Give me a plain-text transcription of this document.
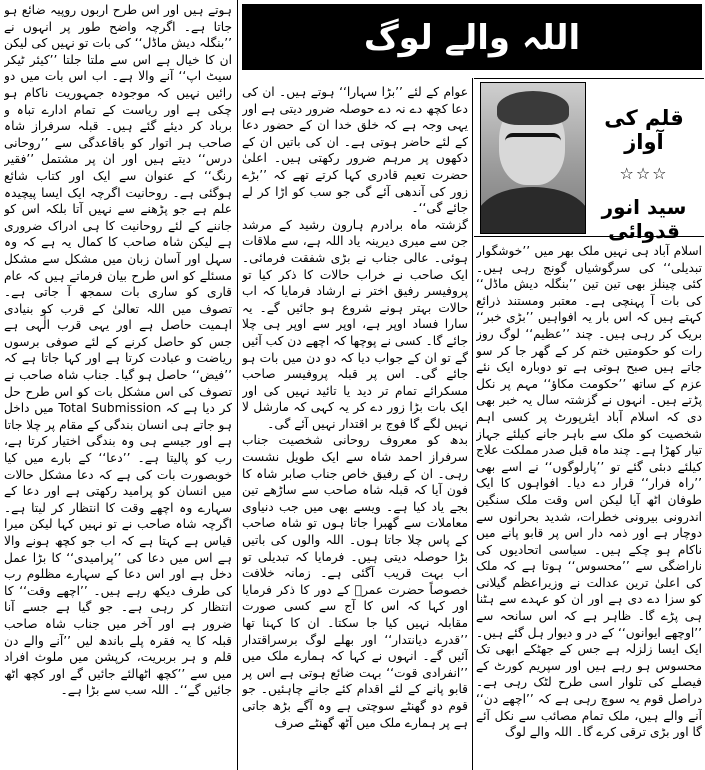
اللہ والے لوگ
قلم کی آواز
☆☆☆
سید انور قدوائی

اسلام آباد ہی نہیں ملک بھر میں ’’خوشگوار تبدیلی‘‘ کی سرگوشیاں گونج رہی ہیں۔ کئی چینلز بھی تین تین ’’بنگلہ دیش ماڈل‘‘ کی بات آ پہنچی ہے۔ معتبر ومستند ذرائع کہتے ہیں کہ اس بار یہ افواہیں ’’بڑی خبر‘‘ بریک کر رہی ہیں۔ چند ’’عظیم‘‘ لوگ روز رات کو حکومتیں ختم کر کے گھر جا کر سو جاتے ہیں صبح ہوتی ہے تو دوبارہ ایک نئے عزم کے ساتھ ’’حکومت مکاؤ‘‘ مہم پر نکل پڑتے ہیں۔ انہوں نے گزشتہ سال یہ خبر بھی دی کہ اسلام آباد ایئرپورٹ پر کسی اہم شخصیت کو ملک سے باہر جانے کیلئے جہاز تیار کھڑا ہے۔ چند ماہ قبل صدر مملکت علاج کیلئے دبئی گئے تو ’’پارلوگوں‘‘ نے اسے بھی ’’راہ فرار‘‘ قرار دے دیا۔ افواہوں کا ایک طوفان اٹھ آیا لیکن اس وقت ملک سنگین اندرونی بیرونی خطرات، شدید بحرانوں سے دوچار ہے اور ذمہ دار اس پر قابو پانے میں ناکام ہو چکے ہیں۔ سیاسی اتحادیوں کی ناراضگی سے ’’محسوس‘‘ ہوتا ہے کہ ملک کی اعلیٰ ترین عدالت نے وزیراعظم گیلانی کو سزا دے دی ہے اور ان کو عہدے سے ہٹنا ہی پڑے گا۔ ظاہر ہے کہ اس سانحہ سے ’’اوچھے ایوانوں‘‘ کے در و دیوار ہل گئے ہیں۔ ایک ایسا زلزلہ ہے جس کے جھٹکے ابھی تک محسوس ہو رہے ہیں اور سپریم کورٹ کے فیصلے کی تلوار اسی طرح لٹک رہی ہے۔ دراصل قوم یہ سوچ رہی ہے کہ ’’اچھے دن‘‘ آنے والے ہیں، ملک تمام مصائب سے نکل آئے گا اور بڑی ترقی کرے گا۔ اللہ والے لوگ

عوام کے لئے ’’بڑا سہارا‘‘ ہوتے ہیں۔ ان کی دعا کچھ دے نہ دے حوصلہ ضرور دیتی ہے اور یہی وجہ ہے کہ خلق خدا ان کے حضور دعا کے لئے حاضر ہوتی ہے۔ ان کی باتیں ان کے دکھوں پر مرہم ضرور رکھتی ہیں۔ اعلیٰ حضرت تعیم قادری کہا کرتے تھے کہ ’’بڑے زور کی آندھی آئے گی جو سب کو اڑا کر لے جائے گی‘‘۔

گزشتہ ماہ برادرم ہارون رشید کے مرشد جن سے میری دیرینہ یاد اللہ ہے، سے ملاقات ہوئی۔ عالی جناب نے بڑی شفقت فرمائی۔ ایک صاحب نے خراب حالات کا ذکر کیا تو پروفیسر رفیق اختر نے ارشاد فرمایا کہ اب حالات بہتر ہونے شروع ہو جائیں گے۔ یہ سارا فساد اوپر ہے، اوپر سے اوپر ہی چلا جائے گا۔ کسی نے پوچھا کہ اچھے دن کب آئیں گے تو ان کے جواب دیا کہ دو دن میں بات ہو جائے گی۔ اس پر قبلہ پروفیسر صاحب مسکرائے تمام تر دید یا تائید نہیں کی اور ایک بات بڑا زور دے کر یہ کہی کہ مارشل لا نہیں لگے گا فوج بر اقتدار نہیں آئے گی۔

بدھ کو معروف روحانی شخصیت جناب سرفراز احمد شاہ سے ایک طویل نشست رہی۔ ان کے رفیق خاص جناب صابر شاہ کا فون آیا کہ قبلہ شاہ صاحب سے ساڑھے تین بجے یاد کیا ہے۔ ویسے بھی میں جب دنیاوی معاملات سے گھبرا جاتا ہوں تو شاہ صاحب کے پاس چلا جاتا ہوں۔ اللہ والوں کی باتیں بڑا حوصلہ دیتی ہیں۔ فرمایا کہ تبدیلی تو اب بہت قریب آگئی ہے۔ زمانہ خلافت خصوصاً حضرت عمرؓ کے دور کا ذکر فرمایا اور کہا کہ اس کا آج سے کسی صورت مقابلہ نہیں کیا جا سکتا۔ ان کا کہنا تھا ’’قدرے دیانتدار‘‘ اور بھلے لوگ برسراقتدار آئیں گے۔ انہوں نے کہا کہ ہمارے ملک میں ’’انفرادی قوت‘‘ بہت ضائع ہوتی ہے اس پر قابو پانے کے لئے اقدام کئے جانے چاہئیں۔ جو قوم دو گھنٹے سوچتی ہے وہ آگے بڑھ جاتی ہے پر ہمارے ملک میں آٹھ گھنٹے صرف

ہوتے ہیں اور اس طرح اربوں روپیہ ضائع ہو جاتا ہے۔ اگرچہ واضح طور پر انہوں نے ’’بنگلہ دیش ماڈل‘‘ کی بات تو نہیں کی لیکن ان کا خیال ہے اس سے ملتا جلتا ’’کیئر ٹیکر سیٹ اپ‘‘ آنے والا ہے۔ اب اس بات میں دو رائیں نہیں کہ موجودہ جمہوریت ناکام ہو چکی ہے اور ریاست کے تمام ادارے تباہ و برباد کر دیئے گئے ہیں۔ قبلہ سرفراز شاہ صاحب ہر اتوار کو باقاعدگی سے ’’روحانی درس‘‘ دیتے ہیں اور ان پر مشتمل ’’فقیر رنگ‘‘ کے عنوان سے ایک اور کتاب شائع ہوگئی ہے۔ روحانیت اگرچہ ایک ایسا پیچیدہ علم ہے جو پڑھنے سے نہیں آتا بلکہ اس کو جاننے کے لئے روحانیت کا ہی ادراک ضروری ہے لیکن شاہ صاحب کا کمال یہ ہے کہ وہ سہل اور آسان زبان میں مشکل سے مشکل مسئلے کو اس طرح بیان فرماتے ہیں کہ عام قاری کو ساری بات سمجھ آ جاتی ہے۔ تصوف میں اللہ تعالیٰ کے قرب کو بنیادی اہمیت حاصل ہے اور یہی قرب الٰہی ہے جس کو حاصل کرنے کے لئے صوفی برسوں ریاضت و عبادت کرتا ہے اور کہا جاتا ہے کہ ’’فیض‘‘ حاصل ہو گیا۔ جناب شاہ صاحب نے تصوف کی اس مشکل بات کو اس طرح حل کر دیا ہے کہ Total Submission میں داخل ہو جاتے ہی انسان بندگی کے مقام پر چلا جاتا ہے اور جیسے ہی وہ بندگی اختیار کرتا ہے، رب کو پالیتا ہے۔ ’’دعا‘‘ کے بارے میں کیا خوبصورت بات کی ہے کہ دعا مشکل حالات میں انسان کو پرامید رکھتی ہے اور دعا کے سہارے وہ اچھے وقت کا انتظار کر لیتا ہے۔ اگرچہ شاہ صاحب نے تو نہیں کہا لیکن میرا قیاس ہے کہتا ہے کہ اب جو کچھ ہونے والا ہے اس میں دعا کی ’’پرامیدی‘‘ کا بڑا عمل دخل ہے اور اس دعا کے سہارے مظلوم رب کی طرف دیکھ رہے ہیں۔ ’’اچھے وقت‘‘ کا انتظار کر رہی ہے۔ جو گیا ہے جسے آنا ضرور ہے اور آخر میں جناب شاہ صاحب قبلہ کا یہ فقرہ پلے باندھ لیں ’’آنے والے دن قلم و ہر بربریت، کرپشن میں ملوث افراد میں سے ’’کچھ اٹھالئے جائیں گے اور کچھ اٹھ جائیں گے‘‘۔ اللہ سب سے بڑا ہے۔
